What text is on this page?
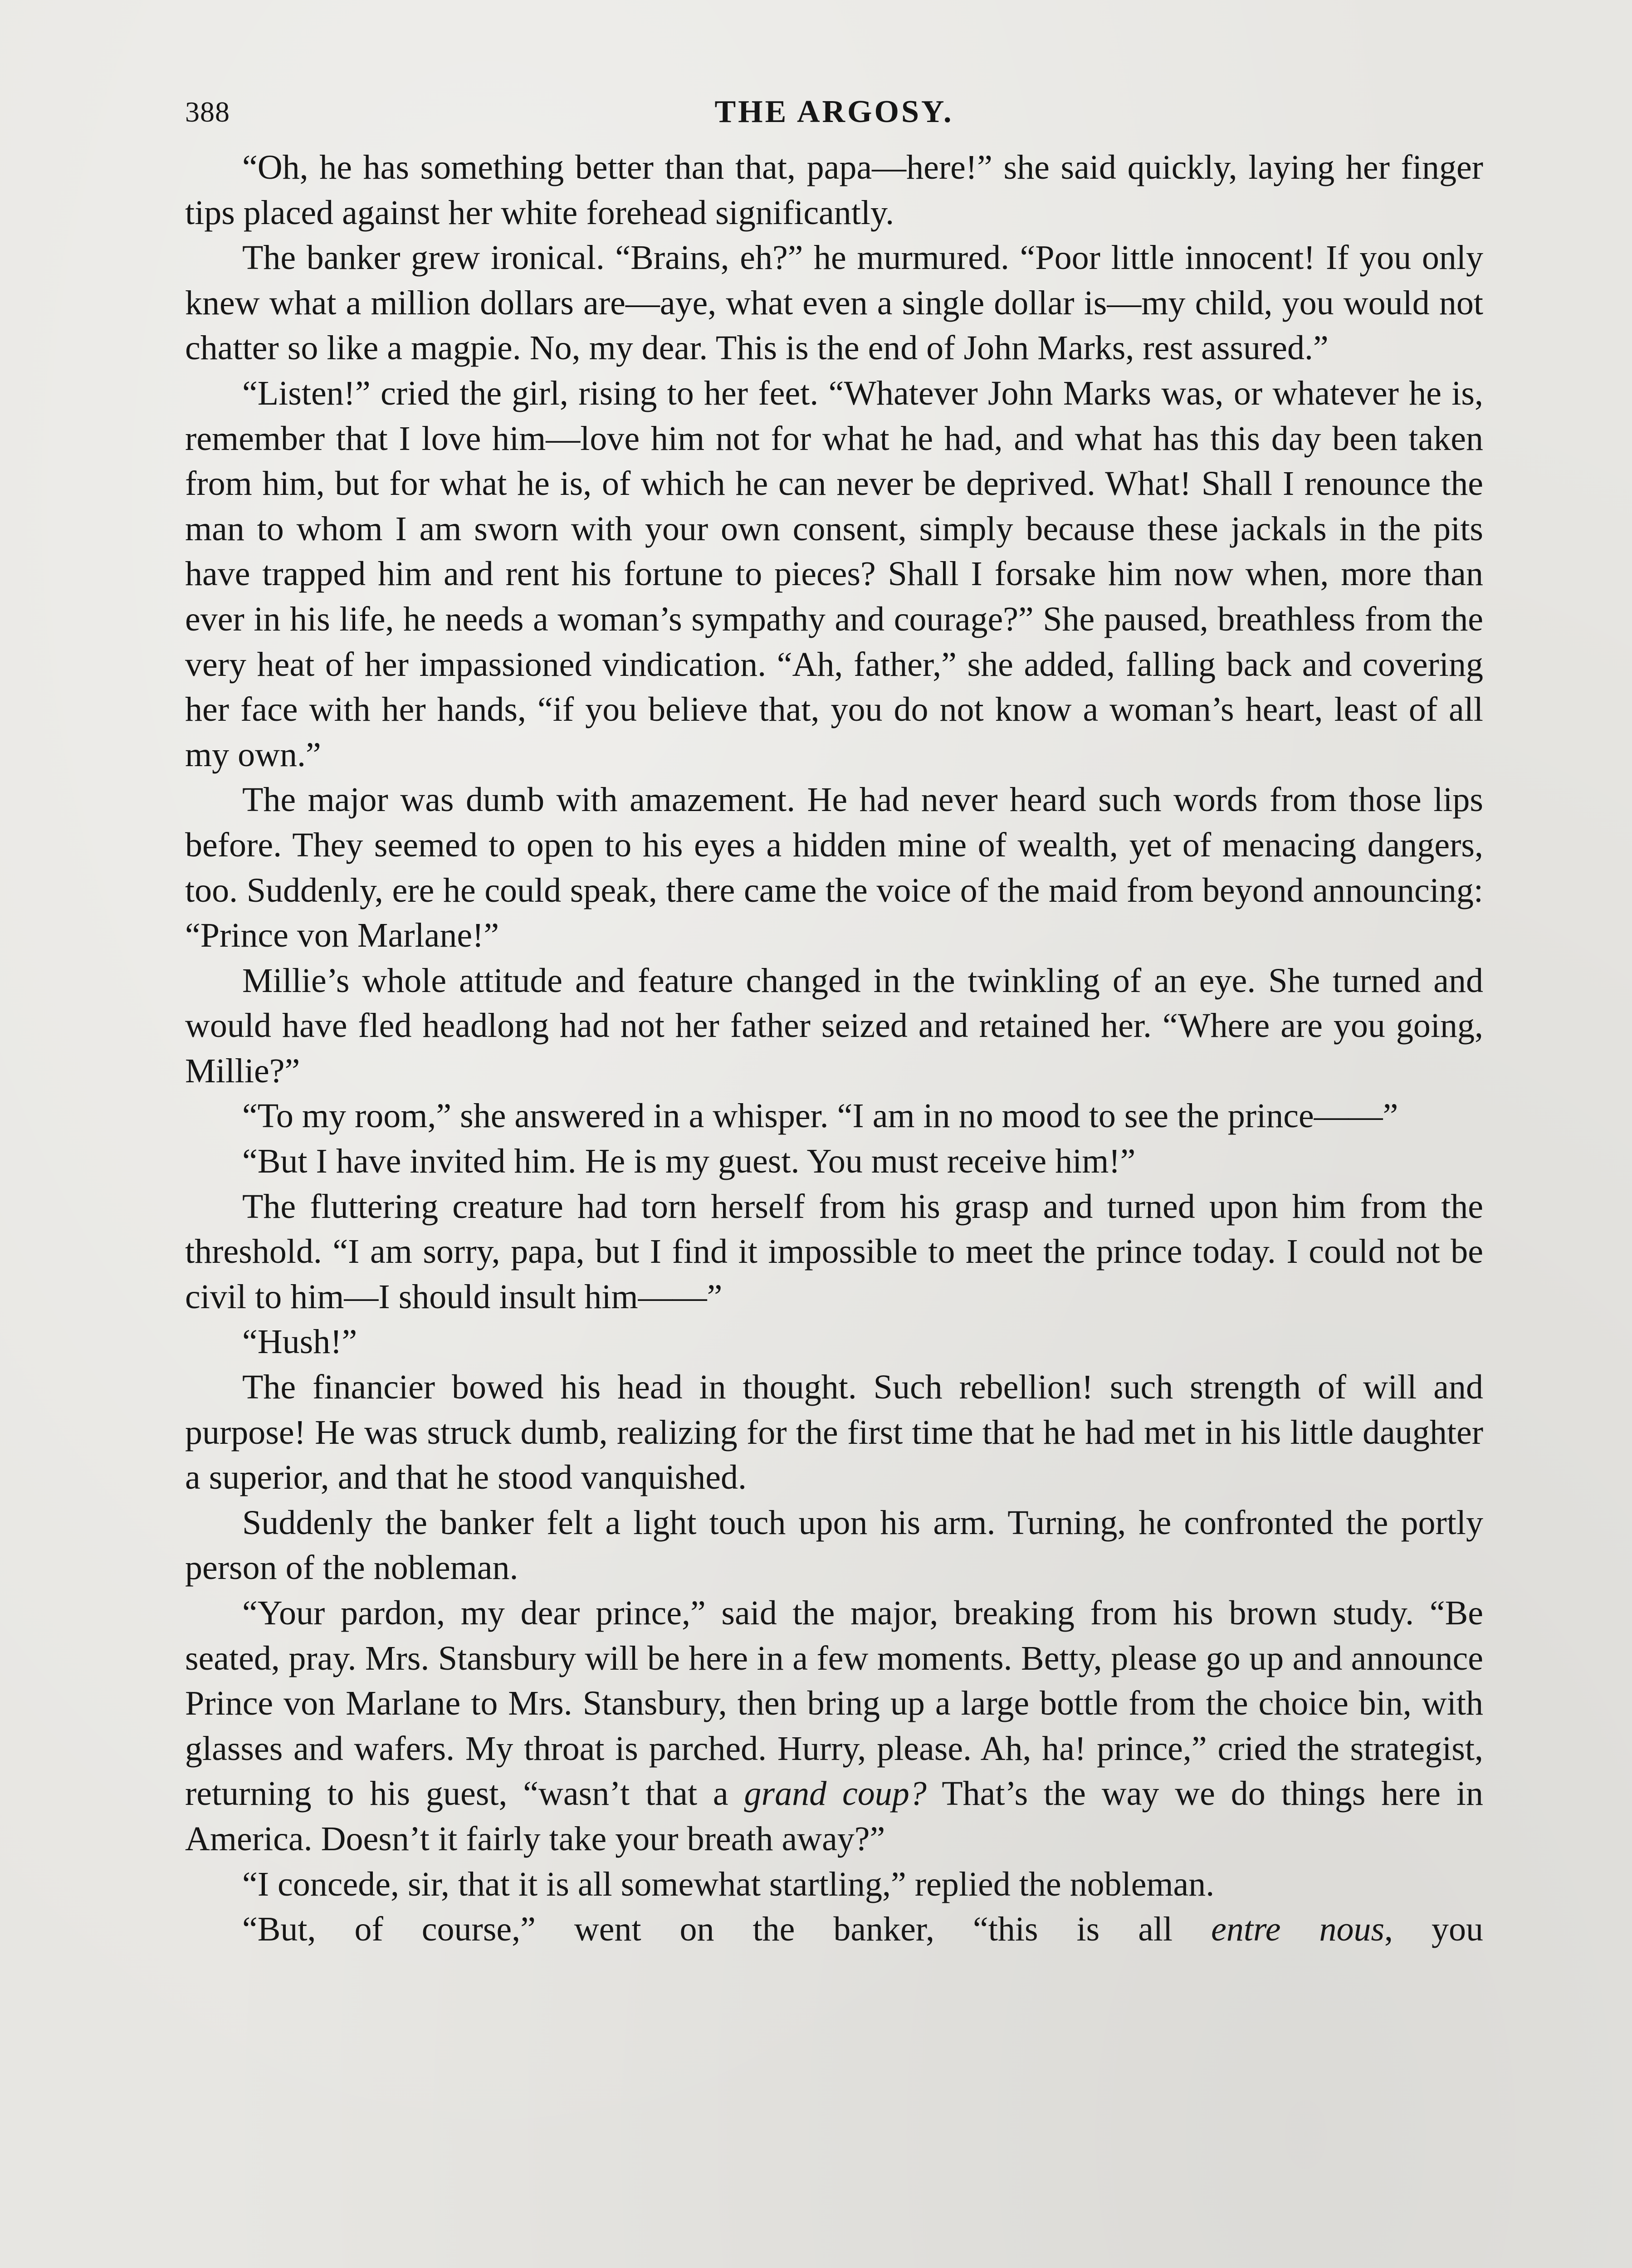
388	THE ARGOSY.

“Oh, he has something better than that, papa—here!” she said quickly, laying her finger tips placed against her white forehead significantly.

The banker grew ironical. “Brains, eh?” he murmured. “Poor little innocent! If you only knew what a million dollars are—aye, what even a single dollar is—my child, you would not chatter so like a magpie. No, my dear. This is the end of John Marks, rest assured.”

“Listen!” cried the girl, rising to her feet. “Whatever John Marks was, or whatever he is, remember that I love him—love him not for what he had, and what has this day been taken from him, but for what he is, of which he can never be deprived. What! Shall I renounce the man to whom I am sworn with your own consent, simply because these jackals in the pits have trapped him and rent his fortune to pieces? Shall I forsake him now when, more than ever in his life, he needs a woman’s sympathy and courage?” She paused, breathless from the very heat of her impassioned vindication. “Ah, father,” she added, falling back and covering her face with her hands, “if you believe that, you do not know a woman’s heart, least of all my own.”

The major was dumb with amazement. He had never heard such words from those lips before. They seemed to open to his eyes a hidden mine of wealth, yet of menacing dangers, too. Suddenly, ere he could speak, there came the voice of the maid from beyond announcing: “Prince von Marlane!”

Millie’s whole attitude and feature changed in the twinkling of an eye. She turned and would have fled headlong had not her father seized and retained her. “Where are you going, Millie?”

“To my room,” she answered in a whisper. “I am in no mood to see the prince——”

“But I have invited him. He is my guest. You must receive him!”

The fluttering creature had torn herself from his grasp and turned upon him from the threshold. “I am sorry, papa, but I find it impossible to meet the prince today. I could not be civil to him—I should insult him——”

“Hush!”

The financier bowed his head in thought. Such rebellion! such strength of will and purpose! He was struck dumb, realizing for the first time that he had met in his little daughter a superior, and that he stood vanquished.

Suddenly the banker felt a light touch upon his arm. Turning, he confronted the portly person of the nobleman.

“Your pardon, my dear prince,” said the major, breaking from his brown study. “Be seated, pray. Mrs. Stansbury will be here in a few moments. Betty, please go up and announce Prince von Marlane to Mrs. Stansbury, then bring up a large bottle from the choice bin, with glasses and wafers. My throat is parched. Hurry, please. Ah, ha! prince,” cried the strategist, returning to his guest, “wasn’t that a grand coup? That’s the way we do things here in America. Doesn’t it fairly take your breath away?”

“I concede, sir, that it is all somewhat startling,” replied the nobleman.

“But, of course,” went on the banker, “this is all entre nous, you
